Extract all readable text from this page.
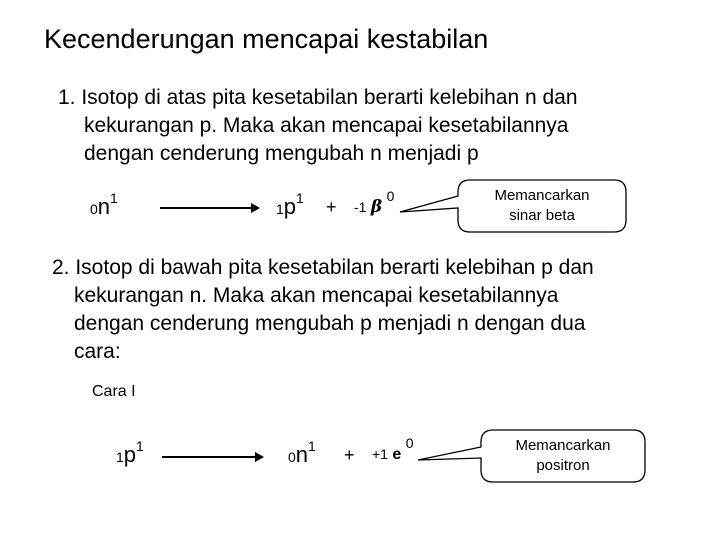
Kecenderungan mencapai kestabilan
1. Isotop di atas pita kesetabilan berarti kelebihan n dan
kekurangan p. Maka akan mencapai kesetabilannya
dengan cenderung mengubah n menjadi p
0n1
1p1 + -1 β 0
Cara I
1p1
0n1 + +1 e 0
Memancarkan
sinar beta
Memancarkan
positron
2. Isotop di bawah pita kesetabilan berarti kelebihan p dan
kekurangan n. Maka akan mencapai kesetabilannya
dengan cenderung mengubah p menjadi n dengan dua
cara:
